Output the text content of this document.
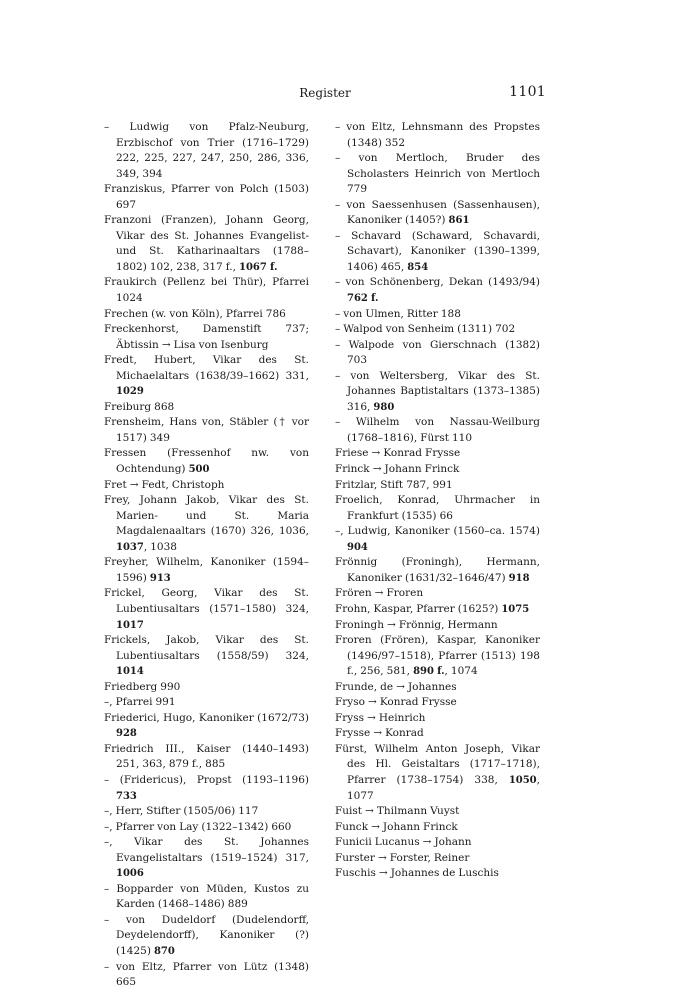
Register	1101

– Ludwig von Pfalz-Neuburg, Erzbischof von Trier (1716–1729) 222, 225, 227, 247, 250, 286, 336, 349, 394

Franziskus, Pfarrer von Polch (1503) 697

Franzoni (Franzen), Johann Georg, Vikar des St. Johannes Evangelist- und St. Katharinaaltars (1788–1802) 102, 238, 317 f., 1067 f.

Fraukirch (Pellenz bei Thür), Pfarrei 1024

Frechen (w. von Köln), Pfarrei 786

Freckenhorst, Damenstift 737; Äbtissin → Lisa von Isenburg

Fredt, Hubert, Vikar des St. Michaelaltars (1638/39–1662) 331, 1029

Freiburg 868

Frensheim, Hans von, Stäbler († vor 1517) 349

Fressen (Fressenhof nw. von Ochtendung) 500

Fret → Fedt, Christoph

Frey, Johann Jakob, Vikar des St. Marien- und St. Maria Magdalenaaltars (1670) 326, 1036, 1037, 1038

Freyher, Wilhelm, Kanoniker (1594–1596) 913

Frickel, Georg, Vikar des St. Lubentiusaltars (1571–1580) 324, 1017

Frickels, Jakob, Vikar des St. Lubentiusaltars (1558/59) 324, 1014

Friedberg 990

–, Pfarrei 991

Friederici, Hugo, Kanoniker (1672/73) 928

Friedrich III., Kaiser (1440–1493) 251, 363, 879 f., 885

– (Fridericus), Propst (1193–1196) 733

–, Herr, Stifter (1505/06) 117

–, Pfarrer von Lay (1322–1342) 660

–, Vikar des St. Johannes Evangelistaltars (1519–1524) 317, 1006

– Bopparder von Müden, Kustos zu Karden (1468–1486) 889

– von Dudeldorf (Dudelendorff, Deydelendorff), Kanoniker (?) (1425) 870

– von Eltz, Pfarrer von Lütz (1348) 665

– von Eltz, Lehnsmann des Propstes (1348) 352

– von Mertloch, Bruder des Scholasters Heinrich von Mertloch 779

– von Saessenhusen (Sassenhausen), Kanoniker (1405?) 861

– Schavard (Schaward, Schavardi, Schavart), Kanoniker (1390–1399, 1406) 465, 854

– von Schönenberg, Dekan (1493/94) 762 f.

– von Ulmen, Ritter 188

– Walpod von Senheim (1311) 702

– Walpode von Gierschnach (1382) 703

– von Weltersberg, Vikar des St. Johannes Baptistaltars (1373–1385) 316, 980

– Wilhelm von Nassau-Weilburg (1768–1816), Fürst 110

Friese → Konrad Frysse

Frinck → Johann Frinck

Fritzlar, Stift 787, 991

Froelich, Konrad, Uhrmacher in Frankfurt (1535) 66

–, Ludwig, Kanoniker (1560–ca. 1574) 904

Frönnig (Froningh), Hermann, Kanoniker (1631/32–1646/47) 918

Frören → Froren

Frohn, Kaspar, Pfarrer (1625?) 1075

Froningh → Frönnig, Hermann

Froren (Frören), Kaspar, Kanoniker (1496/97–1518), Pfarrer (1513) 198 f., 256, 581, 890 f., 1074

Frunde, de → Johannes

Fryso → Konrad Frysse

Fryss → Heinrich

Frysse → Konrad

Fürst, Wilhelm Anton Joseph, Vikar des Hl. Geistaltars (1717–1718), Pfarrer (1738–1754) 338, 1050, 1077

Fuist → Thilmann Vuyst

Funck → Johann Frinck

Funicii Lucanus → Johann

Furster → Forster, Reiner

Fuschis → Johannes de Luschis
